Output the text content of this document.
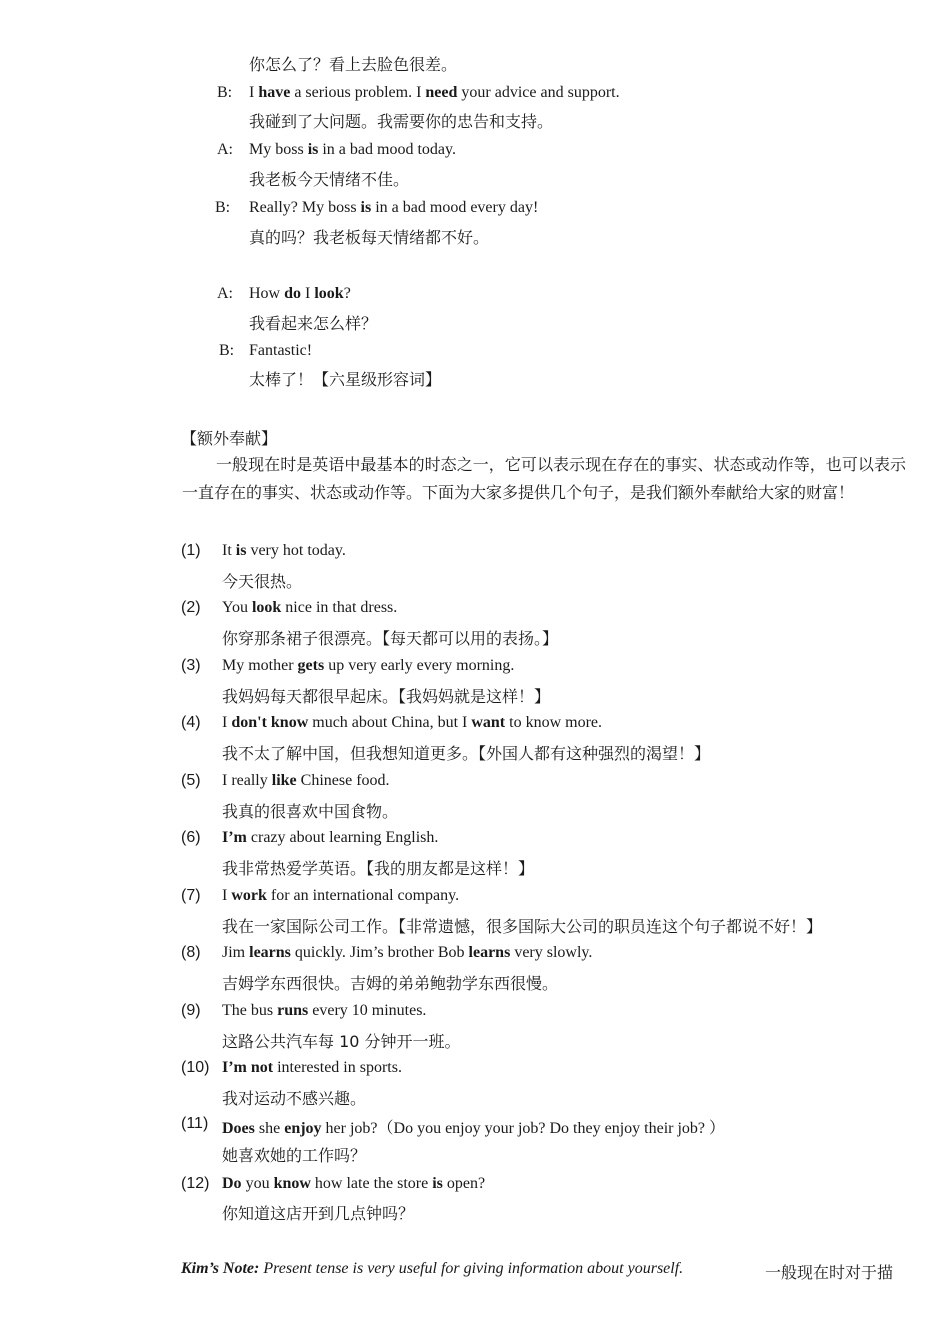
你怎么了？看上去脸色很差。
B:	I have a serious problem. I need your advice and support.
我碰到了大问题。我需要你的忠告和支持。
A:	My boss is in a bad mood today.
我老板今天情绪不佳。
B:	Really? My boss is in a bad mood every day!
真的吗？我老板每天情绪都不好。
A:	How do I look?
我看起来怎么样？
B: Fantastic!
太棒了！【六星级形容词】
【额外奉献】
一般现在时是英语中最基本的时态之一，它可以表示现在存在的事实、状态或动作等，也可以表示一直存在的事实、状态或动作等。下面为大家多提供几个句子，是我们额外奉献给大家的财富！
(1) It is very hot today.
今天很热。
(2) You look nice in that dress.
你穿那条裙子很漂亮。【每天都可以用的表扬。】
(3) My mother gets up very early every morning.
我妈妈每天都很早起床。【我妈妈就是这样！】
(4) I don't know much about China, but I want to know more.
我不太了解中国，但我想知道更多。【外国人都有这种强烈的渴望！】
(5) I really like Chinese food.
我真的很喜欢中国食物。
(6) I’m crazy about learning English.
我非常热爱学英语。【我的朋友都是这样！】
(7) I work for an international company.
我在一家国际公司工作。【非常遗憾，很多国际大公司的职员连这个句子都说不好！】
(8) Jim learns quickly. Jim’s brother Bob learns very slowly.
吉姆学东西很快。吉姆的弟弟鲍勃学东西很慢。
(9) The bus runs every 10 minutes.
这路公共汽车每 10 分钟开一班。
(10) I’m not interested in sports.
我对运动不感兴趣。
(11) Does she enjoy her job?（Do you enjoy your job? Do they enjoy their job? ）
她喜欢她的工作吗？
(12) Do you know how late the store is open?
你知道这店开到几点钟吗？
Kim’s Note: Present tense is very useful for giving information about yourself.	一般现在时对于描
